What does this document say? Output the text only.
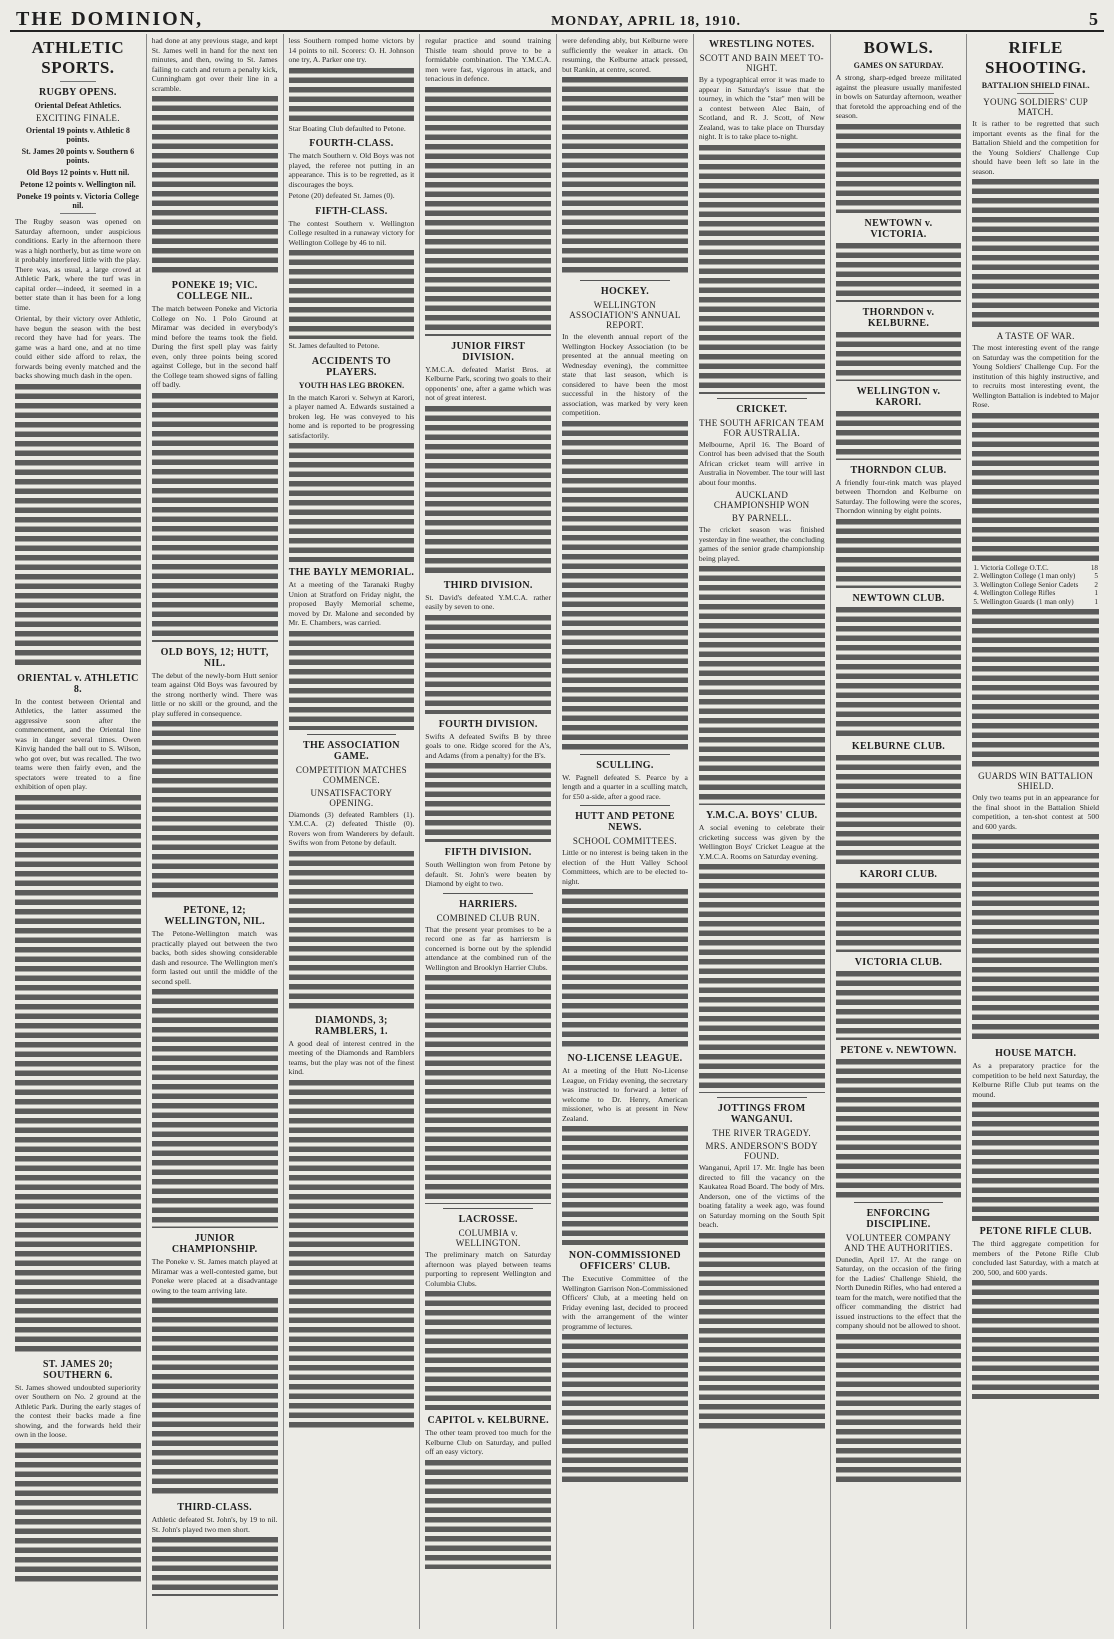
THE DOMINION,	MONDAY, APRIL 18, 1910.	5
ATHLETIC SPORTS.
RUGBY OPENS.
Oriental Defeat Athletics.
EXCITING FINALE.
Oriental 19 points v. Athletic 8 points.
St. James 20 points v. Southern 6 points.
Old Boys 12 points v. Hutt nil.
Petone 12 points v. Wellington nil.
Poneke 19 points v. Victoria College nil.

The Rugby season was opened on Saturday afternoon, under auspicious conditions. Early in the afternoon there was a high northerly, but as time wore on it probably interfered little with the play. There was, as usual, a large crowd at Athletic Park, where the turf was in capital order—indeed, it seemed in a better state than it has been for a long time.

Oriental, by their victory over Athletic, have begun the season with the best record they have had for years. The game was a hard one, and at no time could either side afford to relax, the forwards being evenly matched and the backs showing much dash in the open.

ORIENTAL v. ATHLETIC 8.

In the contest between Oriental and Athletics, the latter assumed the aggressive soon after the commencement, and the Oriental line was in danger several times. Owen Kinvig handed the ball out to S. Wilson, who got over, but was recalled. The two teams were then fairly even, and the spectators were treated to a fine exhibition of open play.

ST. JAMES 20; SOUTHERN 6.

St. James showed undoubted superiority over Southern on No. 2 ground at the Athletic Park. During the early stages of the contest their backs made a fine showing, and the forwards held their own in the loose.

had done at any previous stage, and kept St. James well in hand for the next ten minutes, and then, owing to St. James failing to catch and return a penalty kick, Cunningham got over their line in a scramble.

PONEKE 19; VIC. COLLEGE NIL.

The match between Poneke and Victoria College on No. 1 Polo Ground at Miramar was decided in everybody's mind before the teams took the field. During the first spell play was fairly even, only three points being scored against College, but in the second half the College team showed signs of falling off badly.

OLD BOYS, 12; HUTT, NIL.

The debut of the newly-born Hutt senior team against Old Boys was favoured by the strong northerly wind. There was little or no skill or the ground, and the play suffered in consequence.

PETONE, 12; WELLINGTON, NIL.

The Petone-Wellington match was practically played out between the two backs, both sides showing considerable dash and resource. The Wellington men's form lasted out until the middle of the second spell.

JUNIOR CHAMPIONSHIP.

The Poneke v. St. James match played at Miramar was a well-contested game, but Poneke were placed at a disadvantage owing to the team arriving late.

THIRD-CLASS.

Athletic defeated St. John's, by 19 to nil. St. John's played two men short.

less Southern romped home victors by 14 points to nil. Scorers: O. H. Johnson one try, A. Parker one try.

Star Boating Club defaulted to Petone.

FOURTH-CLASS.

The match Southern v. Old Boys was not played, the referee not putting in an appearance. This is to be regretted, as it discourages the boys.

Petone (20) defeated St. James (0).

FIFTH-CLASS.

The contest Southern v. Wellington College resulted in a runaway victory for Wellington College by 46 to nil.

St. James defaulted to Petone.

ACCIDENTS TO PLAYERS.
YOUTH HAS LEG BROKEN.

In the match Karori v. Selwyn at Karori, a player named A. Edwards sustained a broken leg. He was conveyed to his home and is reported to be progressing satisfactorily.

THE BAYLY MEMORIAL.

At a meeting of the Taranaki Rugby Union at Stratford on Friday night, the proposed Bayly Memorial scheme, moved by Dr. Malone and seconded by Mr. E. Chambers, was carried.

THE ASSOCIATION GAME.
COMPETITION MATCHES COMMENCE.
UNSATISFACTORY OPENING.

Diamonds (3) defeated Ramblers (1). Y.M.C.A. (2) defeated Thistle (0). Rovers won from Wanderers by default. Swifts won from Petone by default.

DIAMONDS, 3; RAMBLERS, 1.

A good deal of interest centred in the meeting of the Diamonds and Ramblers teams, but the play was not of the finest kind.

regular practice and sound training Thistle team should prove to be a formidable combination. The Y.M.C.A. men were fast, vigorous in attack, and tenacious in defence.

JUNIOR FIRST DIVISION.

Y.M.C.A. defeated Marist Bros. at Kelburne Park, scoring two goals to their opponents' one, after a game which was not of great interest.

THIRD DIVISION.

St. David's defeated Y.M.C.A. rather easily by seven to one.

FOURTH DIVISION.

Swifts A defeated Swifts B by three goals to one. Ridge scored for the A's, and Adams (from a penalty) for the B's.

FIFTH DIVISION.

South Wellington won from Petone by default. St. John's were beaten by Diamond by eight to two.

HARRIERS.
COMBINED CLUB RUN.

That the present year promises to be a record one as far as harriersm is concerned is borne out by the splendid attendance at the combined run of the Wellington and Brooklyn Harrier Clubs.

LACROSSE.
COLUMBIA v. WELLINGTON.

The preliminary match on Saturday afternoon was played between teams purporting to represent Wellington and Columbia Clubs.

CAPITOL v. KELBURNE.

The other team proved too much for the Kelburne Club on Saturday, and pulled off an easy victory.

were defending ably, but Kelburne were sufficiently the weaker in attack. On resuming, the Kelburne attack pressed, but Rankin, at centre, scored.

HOCKEY.
WELLINGTON ASSOCIATION'S ANNUAL REPORT.

In the eleventh annual report of the Wellington Hockey Association (to be presented at the annual meeting on Wednesday evening), the committee state that last season, which is considered to have been the most successful in the history of the association, was marked by very keen competition.

SCULLING.

W. Pagnell defeated S. Pearce by a length and a quarter in a sculling match, for £50 a-side, after a good race.

HUTT AND PETONE NEWS.
SCHOOL COMMITTEES.

Little or no interest is being taken in the election of the Hutt Valley School Committees, which are to be elected to-night.

NO-LICENSE LEAGUE.

At a meeting of the Hutt No-License League, on Friday evening, the secretary was instructed to forward a letter of welcome to Dr. Henry, American missioner, who is at present in New Zealand.

NON-COMMISSIONED OFFICERS' CLUB.

The Executive Committee of the Wellington Garrison Non-Commissioned Officers' Club, at a meeting held on Friday evening last, decided to proceed with the arrangement of the winter programme of lectures.

WRESTLING NOTES.
SCOTT AND BAIN MEET TO-NIGHT.

By a typographical error it was made to appear in Saturday's issue that the tourney, in which the "star" men will be a contest between Alec Bain, of Scotland, and R. J. Scott, of New Zealand, was to take place on Thursday night. It is to take place to-night.

CRICKET.
THE SOUTH AFRICAN TEAM FOR AUSTRALIA.

Melbourne, April 16. The Board of Control has been advised that the South African cricket team will arrive in Australia in November. The tour will last about four months.

AUCKLAND CHAMPIONSHIP WON
BY PARNELL.

The cricket season was finished yesterday in fine weather, the concluding games of the senior grade championship being played.

Y.M.C.A. BOYS' CLUB.

A social evening to celebrate their cricketing success was given by the Wellington Boys' Cricket League at the Y.M.C.A. Rooms on Saturday evening.

JOTTINGS FROM WANGANUI.
THE RIVER TRAGEDY.
MRS. ANDERSON'S BODY FOUND.

Wanganui, April 17. Mr. Ingle has been directed to fill the vacancy on the Kaukatea Road Board. The body of Mrs. Anderson, one of the victims of the boating fatality a week ago, was found on Saturday morning on the South Spit beach.

BOWLS.
GAMES ON SATURDAY.

A strong, sharp-edged breeze militated against the pleasure usually manifested in bowls on Saturday afternoon, weather that foretold the approaching end of the season.

NEWTOWN v. VICTORIA.
THORNDON v. KELBURNE.
WELLINGTON v. KARORI.
THORNDON CLUB.

A friendly four-rink match was played between Thorndon and Kelburne on Saturday. The following were the scores, Thorndon winning by eight points.

NEWTOWN CLUB.
KELBURNE CLUB.
KARORI CLUB.
VICTORIA CLUB.
PETONE v. NEWTOWN.
ENFORCING DISCIPLINE.
VOLUNTEER COMPANY AND THE AUTHORITIES.

Dunedin, April 17. At the range on Saturday, on the occasion of the firing for the Ladies' Challenge Shield, the North Dunedin Rifles, who had entered a team for the match, were notified that the officer commanding the district had issued instructions to the effect that the company should not be allowed to shoot.

RIFLE SHOOTING.
BATTALION SHIELD FINAL.
YOUNG SOLDIERS' CUP MATCH.

It is rather to be regretted that such important events as the final for the Battalion Shield and the competition for the Young Soldiers' Challenge Cup should have been left so late in the season.

A TASTE OF WAR.

The most interesting event of the range on Saturday was the competition for the Young Soldiers' Challenge Cup. For the institution of this highly instructive, and to recruits most interesting event, the Wellington Battalion is indebted to Major Rose.

1. Victoria College O.T.C.	18
2. Wellington College (1 man only)	5
3. Wellington College Senior Cadets	2
4. Wellington College Rifles	1
5. Wellington Guards (1 man only)	1
GUARDS WIN BATTALION SHIELD.

Only two teams put in an appearance for the final shoot in the Battalion Shield competition, a ten-shot contest at 500 and 600 yards.

HOUSE MATCH.

As a preparatory practice for the competition to be held next Saturday, the Kelburne Rifle Club put teams on the mound.

PETONE RIFLE CLUB.

The third aggregate competition for members of the Petone Rifle Club concluded last Saturday, with a match at 200, 500, and 600 yards.
